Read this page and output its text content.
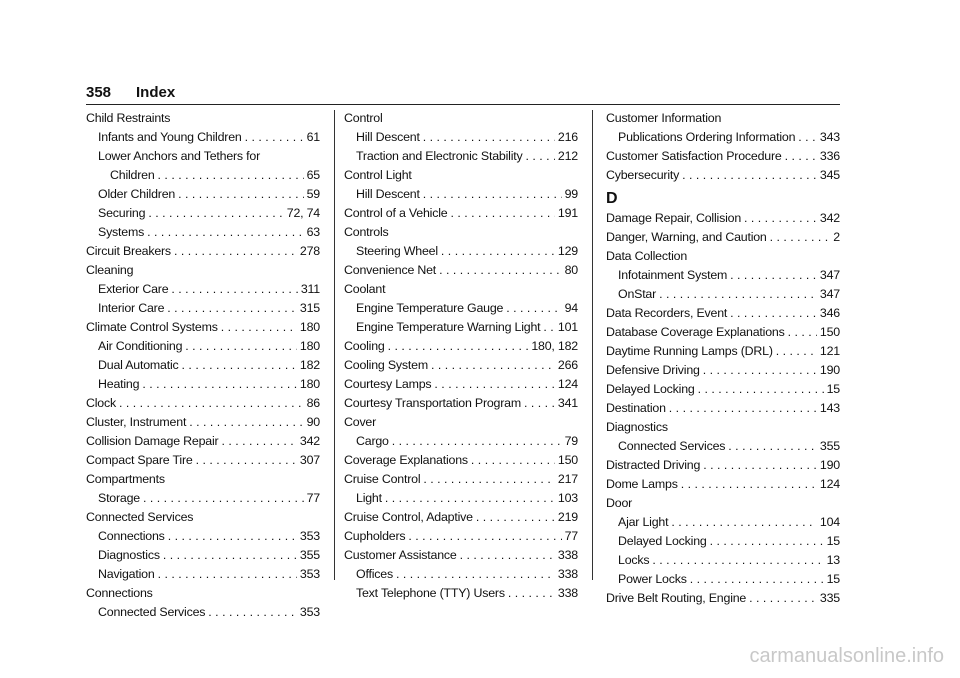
358	Index
Child Restraints
Infants and Young Children . . .	61
Lower Anchors and Tethers for
Children . . .	65
Older Children . . .	59
Securing . . .	72, 74
Systems . . .	63
Circuit Breakers . . .	278
Cleaning
Exterior Care . . .	311
Interior Care . . .	315
Climate Control Systems . . .	180
Air Conditioning . . .	180
Dual Automatic . . .	182
Heating . . .	180
Clock . . .	86
Cluster, Instrument . . .	90
Collision Damage Repair . . .	342
Compact Spare Tire . . .	307
Compartments
Storage . . .	77
Connected Services
Connections . . .	353
Diagnostics . . .	355
Navigation . . .	353
Connections
Connected Services . . .	353
Control
Hill Descent . . .	216
Traction and Electronic Stability . . .	212
Control Light
Hill Descent . . .	99
Control of a Vehicle . . .	191
Controls
Steering Wheel . . .	129
Convenience Net . . .	80
Coolant
Engine Temperature Gauge . . .	94
Engine Temperature Warning Light . . . 101
Cooling . . .	180, 182
Cooling System . . .	266
Courtesy Lamps . . .	124
Courtesy Transportation Program . . .	341
Cover
Cargo . . .	79
Coverage Explanations . . .	150
Cruise Control . . .	217
Light . . .	103
Cruise Control, Adaptive . . .	219
Cupholders . . .	77
Customer Assistance . . .	338
Offices . . .	338
Text Telephone (TTY) Users . . .	338
Customer Information
Publications Ordering Information . . . 343
Customer Satisfaction Procedure . . .	336
Cybersecurity . . .	345
D
Damage Repair, Collision . . .	342
Danger, Warning, and Caution . . .	2
Data Collection
Infotainment System . . .	347
OnStar . . .	347
Data Recorders, Event . . .	346
Database Coverage Explanations . . .	150
Daytime Running Lamps (DRL) . . .	121
Defensive Driving . . .	190
Delayed Locking . . .	15
Destination . . .	143
Diagnostics
Connected Services . . .	355
Distracted Driving . . .	190
Dome Lamps . . .	124
Door
Ajar Light . . .	104
Delayed Locking . . .	15
Locks . . .	13
Power Locks . . .	15
Drive Belt Routing, Engine . . .	335
carmanualsonline.info
